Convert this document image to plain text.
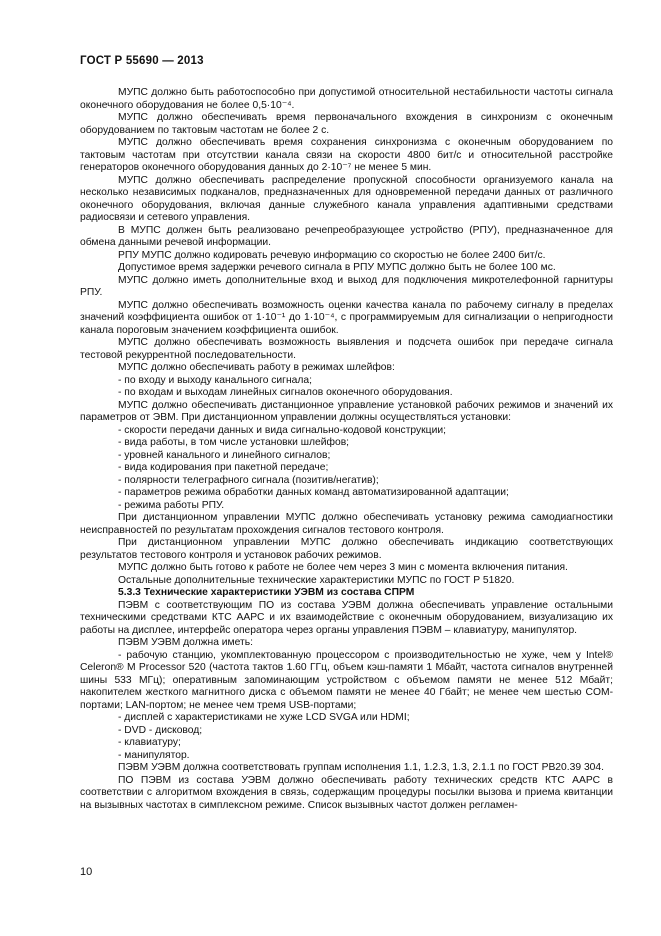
ГОСТ Р 55690 — 2013

МУПС должно быть работоспособно при допустимой относительной нестабильности частоты сигнала оконечного оборудования не более 0,5·10⁻⁴.

МУПС должно обеспечивать время первоначального вхождения в синхронизм с оконечным оборудованием по тактовым частотам не более 2 с.

МУПС должно обеспечивать время сохранения синхронизма с оконечным оборудованием по тактовым частотам при отсутствии канала связи на скорости 4800 бит/с и относительной расстройке генераторов оконечного оборудования данных до 2·10⁻⁷ не менее 5 мин.

МУПС должно обеспечивать распределение пропускной способности организуемого канала на несколько независимых подканалов, предназначенных для одновременной передачи данных от различного оконечного оборудования, включая данные служебного канала управления адаптивными средствами радиосвязи и сетевого управления.

В МУПС должен быть реализовано речепреобразующее устройство (РПУ), предназначенное для обмена данными речевой информации.

РПУ МУПС должно кодировать речевую информацию со скоростью не более 2400 бит/с.

Допустимое время задержки речевого сигнала в РПУ МУПС должно быть не более 100 мс.

МУПС должно иметь дополнительные вход и выход для подключения микротелефонной гарнитуры РПУ.

МУПС должно обеспечивать возможность оценки качества канала по рабочему сигналу в пределах значений коэффициента ошибок от 1·10⁻¹ до 1·10⁻⁴, с программируемым для сигнализации о непригодности канала пороговым значением коэффициента ошибок.

МУПС должно обеспечивать возможность выявления и подсчета ошибок при передаче сигнала тестовой рекуррентной последовательности.

МУПС должно обеспечивать работу в режимах шлейфов:

- по входу и выходу канального сигнала;

- по входам и выходам линейных сигналов оконечного оборудования.

МУПС должно обеспечивать дистанционное управление установкой рабочих режимов и значений их параметров от ЭВМ. При дистанционном управлении должны осуществляться установки:

- скорости передачи данных и вида сигнально-кодовой конструкции;

- вида работы, в том числе установки шлейфов;

- уровней канального и линейного сигналов;

- вида кодирования при пакетной передаче;

- полярности телеграфного сигнала (позитив/негатив);

- параметров режима обработки данных команд автоматизированной адаптации;

- режима работы РПУ.

При дистанционном управлении МУПС должно обеспечивать установку режима самодиагностики неисправностей по результатам прохождения сигналов тестового контроля.

При дистанционном управлении МУПС должно обеспечивать индикацию соответствующих результатов тестового контроля и установок рабочих режимов.

МУПС должно быть готово к работе не более чем через 3 мин с момента включения питания.

Остальные дополнительные технические характеристики МУПС по ГОСТ Р 51820.

5.3.3 Технические характеристики УЭВМ из состава СПРМ

ПЭВМ с соответствующим ПО из состава УЭВМ должна обеспечивать управление остальными техническими средствами КТС ААРС и их взаимодействие с оконечным оборудованием, визуализацию их работы на дисплее, интерфейс оператора через органы управления ПЭВМ – клавиатуру, манипулятор.

ПЭВМ УЭВМ должна иметь:

- рабочую станцию, укомплектованную процессором с производительностью не хуже, чем у Intel® Celeron® M Processor 520 (частота тактов 1.60 ГГц, объем кэш-памяти 1 Мбайт, частота сигналов внутренней шины 533 МГц); оперативным запоминающим устройством с объемом памяти не менее 512 Мбайт; накопителем жесткого магнитного диска с объемом памяти не менее 40 Гбайт; не менее чем шестью COM-портами; LAN-портом; не менее чем тремя USB-портами;

- дисплей с характеристиками не хуже LCD SVGA или HDMI;

- DVD - дисковод;

- клавиатуру;

- манипулятор.

ПЭВМ УЭВМ должна соответствовать группам исполнения 1.1, 1.2.3, 1.3, 2.1.1 по ГОСТ РВ20.39 304.

ПО ПЭВМ из состава УЭВМ должно обеспечивать работу технических средств КТС ААРС в соответствии с алгоритмом вхождения в связь, содержащим процедуры посылки вызова и приема квитанции на вызывных частотах в симплексном режиме. Список вызывных частот должен регламен-

10
